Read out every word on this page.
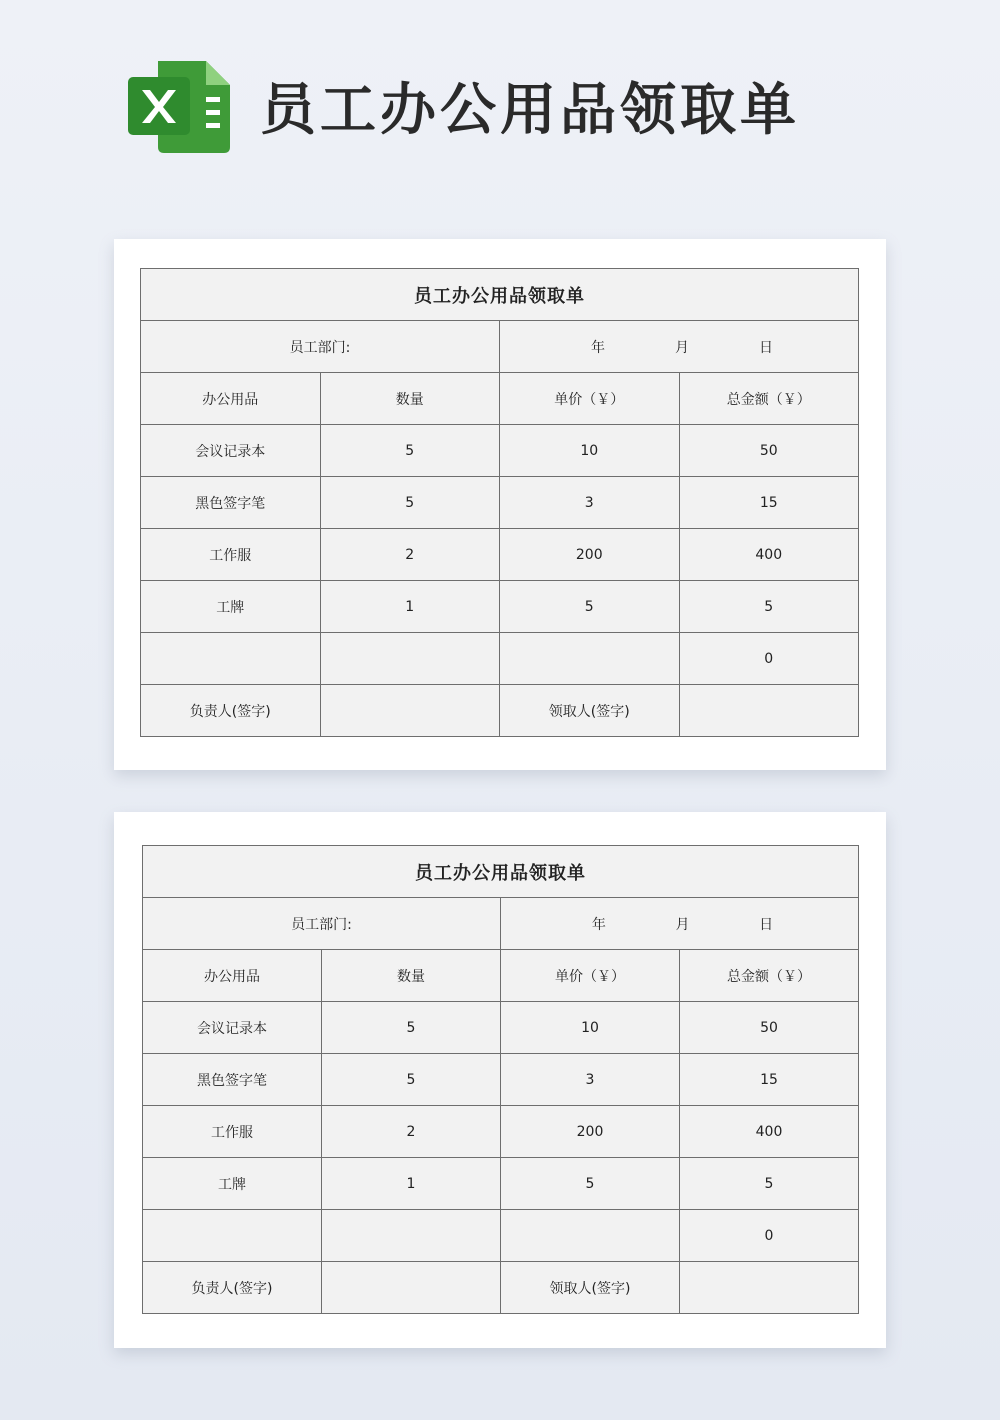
员工办公用品领取单
员工办公用品领取单			
员工部门:		年 月 日	

办公用品	数量	单价（￥）	总金额（￥）
会议记录本	5	10	50
黑色签字笔	5	3	15
工作服	2	200	400
工牌	1	5	5
			0
负责人(签字)		领取人(签字)	
员工办公用品领取单			
员工部门:		年 月 日	

办公用品	数量	单价（￥）	总金额（￥）
会议记录本	5	10	50
黑色签字笔	5	3	15
工作服	2	200	400
工牌	1	5	5
			0
负责人(签字)		领取人(签字)	
